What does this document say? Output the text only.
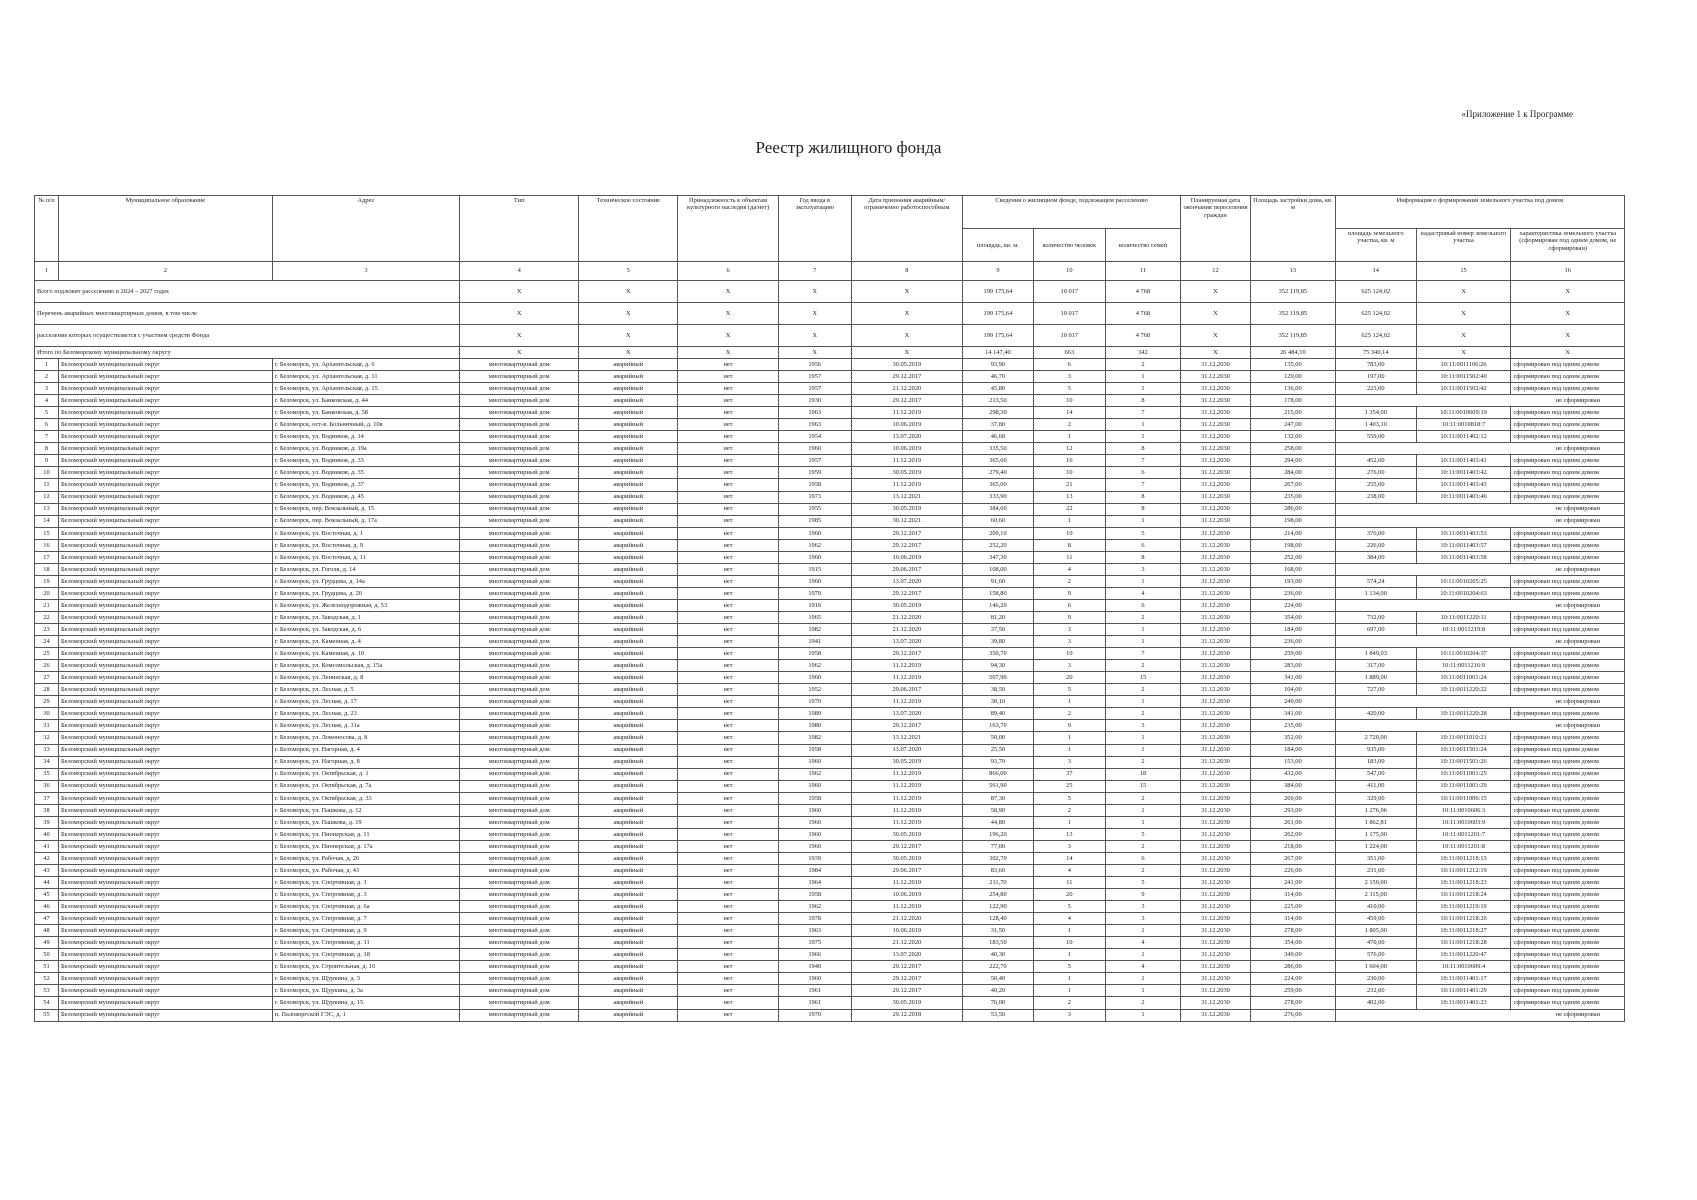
«Приложение 1 к Программе
Реестр жилищного фонда
№ п/п	Муниципальное образование	Адрес	Тип	Техническое состояние	Принадлежность к объектам культурного наследия (да/нет)	Год ввода в эксплуатацию	Дата признания аварийным/ограниченно работоспособным	Сведения о жилищном фонде, подлежащем расселению			Планируемая дата окончания переселения граждан	Площадь застройки дома, кв. м	Информация о формировании земельного участка под домом		
								площадь, кв. м.	количество человек	количество семей			площадь земельного участка, кв. м	кадастровый номер земельного участка	характеристика земельного участка (сформирован под одним домом, не сформирован)
1	2	3	4	5	6	7	8	9	10	11	12	13	14	15	16
Всего подлежит расселению в 2024 – 2027 годах			Х	Х	Х	Х	Х	199 175,64	10 017	4 768	Х	352 119,85	625 124,02	Х	Х
Перечень аварийных многоквартирных домов, в том числе			Х	Х	Х	Х	Х	199 175,64	10 017	4 768	Х	352 119,85	625 124,02	Х	Х
расселение которых осуществляется с участием средств Фонда			Х	Х	Х	Х	Х	199 175,64	10 017	4 768	Х	352 119,85	625 124,02	Х	Х
Итого по Беломорскому муниципальному округу			Х	Х	Х	Х	Х	14 147,40	663	342	Х	26 484,10	75 340,14	Х	Х
1	Беломорский муниципальный округ	г. Беломорск, ул. Архангельская, д. 6	многоквартирный дом	аварийный	нет	1956	30.05.2019	93,90	6	2	31.12.2030	135,00	783,00	10:11:0011106:26	сформирован под одним домом
2	Беломорский муниципальный округ	г. Беломорск, ул. Архангельская, д. 11	многоквартирный дом	аварийный	нет	1957	29.12.2017	46,70	3	1	31.12.2030	129,00	197,00	10:11:0011502:40	сформирован под одним домом
3	Беломорский муниципальный округ	г. Беломорск, ул. Архангельская, д. 15	многоквартирный дом	аварийный	нет	1957	21.12.2020	45,80	5	1	31.12.2030	136,00	223,00	10:11:0011502:42	сформирован под одним домом
4	Беломорский муниципальный округ	г. Беломорск, ул. Банковская, д. 44	многоквартирный дом	аварийный	нет	1930	29.12.2017	213,50	10	8	31.12.2030	178,00	не сформирован		
5	Беломорский муниципальный округ	г. Беломорск, ул. Банковская, д. 58	многоквартирный дом	аварийный	нет	1963	11.12.2019	298,30	14	7	31.12.2030	215,00	1 354,00	10:11:0010609:19	сформирован под одним домом
6	Беломорский муниципальный округ	г. Беломорск, ост-в. Больничный, д. 10в	многоквартирный дом	аварийный	нет	1963	10.06.2019	37,80	2	1	31.12.2030	247,00	1 403,10	10:11:0010818:7	сформирован под одним домом
7	Беломорский муниципальный округ	г. Беломорск, ул. Водников, д. 14	многоквартирный дом	аварийный	нет	1954	13.07.2020	46,60	1	1	31.12.2030	132,00	559,00	10:11:0011402:12	сформирован под одним домом
8	Беломорский муниципальный округ	г. Беломорск, ул. Водников, д. 19а	многоквартирный дом	аварийный	нет	1960	10.06.2019	335,50	12	8	31.12.2030	258,00	не сформирован		
9	Беломорский муниципальный округ	г. Беломорск, ул. Водников, д. 33	многоквартирный дом	аварийный	нет	1957	11.12.2019	365,60	16	7	31.12.2030	294,00	452,00	10:11:0011403:41	сформирован под одним домом
10	Беломорский муниципальный округ	г. Беломорск, ул. Водников, д. 35	многоквартирный дом	аварийный	нет	1959	30.05.2019	279,40	10	6	31.12.2030	284,00	276,00	10:11:0011403:42	сформирован под одним домом
11	Беломорский муниципальный округ	г. Беломорск, ул. Водников, д. 37	многоквартирный дом	аварийный	нет	1958	11.12.2019	365,00	21	7	31.12.2030	267,00	255,00	10:11:0011403:43	сформирован под одним домом
12	Беломорский муниципальный округ	г. Беломорск, ул. Водников, д. 45	многоквартирный дом	аварийный	нет	1973	13.12.2021	333,90	13	8	31.12.2030	235,00	238,00	10:11:0011403:46	сформирован под одним домом
13	Беломорский муниципальный округ	г. Беломорск, пер. Вокзальный, д. 15	многоквартирный дом	аварийный	нет	1955	30.05.2019	384,60	22	8	31.12.2030	286,00	не сформирован		
14	Беломорский муниципальный округ	г. Беломорск, пер. Вокзальный, д. 17а	многоквартирный дом	аварийный	нет	1985	30.12.2021	60,60	1	1	31.12.2030	198,00	не сформирован		
15	Беломорский муниципальный округ	г. Беломорск, ул. Восточная, д. 1	многоквартирный дом	аварийный	нет	1960	29.12.2017	209,10	10	5	31.12.2030	214,00	376,00	10:11:0011403:53	сформирован под одним домом
16	Беломорский муниципальный округ	г. Беломорск, ул. Восточная, д. 9	многоквартирный дом	аварийный	нет	1962	29.12.2017	252,20	8	6	31.12.2030	198,00	226,00	10:11:0011403:57	сформирован под одним домом
17	Беломорский муниципальный округ	г. Беломорск, ул. Восточная, д. 11	многоквартирный дом	аварийный	нет	1960	10.06.2019	347,30	11	8	31.12.2030	252,00	384,00	10:11:0011403:58	сформирован под одним домом
18	Беломорский муниципальный округ	г. Беломорск, ул. Гоголя, д. 14	многоквартирный дом	аварийный	нет	1915	29.06.2017	108,00	4	3	31.12.2030	168,00	не сформирован		
19	Беломорский муниципальный округ	г. Беломорск, ул. Грудцева, д. 14а	многоквартирный дом	аварийный	нет	1960	13.07.2020	91,60	2	1	31.12.2030	193,00	574,24	10:11:0010205:25	сформирован под одним домом
20	Беломорский муниципальный округ	г. Беломорск, ул. Грудцева, д. 20	многоквартирный дом	аварийный	нет	1970	29.12.2017	158,80	9	4	31.12.2030	236,00	1 134,00	10:11:0010204:63	сформирован под одним домом
21	Беломорский муниципальный округ	г. Беломорск, ул. Железнодорожная, д. 53	многоквартирный дом	аварийный	нет	1916	30.05.2019	146,20	6	6	31.12.2030	224,00	не сформирован		
22	Беломорский муниципальный округ	г. Беломорск, ул. Заводская, д. 1	многоквартирный дом	аварийный	нет	1965	21.12.2020	81,20	9	2	31.12.2030	354,00	732,00	10:11:0011220:11	сформирован под одним домом
23	Беломорский муниципальный округ	г. Беломорск, ул. Заводская, д. 6	многоквартирный дом	аварийный	нет	1982	21.12.2020	37,50	3	1	31.12.2030	184,00	697,00	10:11:0011219:8	сформирован под одним домом
24	Беломорский муниципальный округ	г. Беломорск, ул. Каменная, д. 4	многоквартирный дом	аварийный	нет	1941	13.07.2020	39,80	3	1	31.12.2030	236,00	не сформирован		
25	Беломорский муниципальный округ	г. Беломорск, ул. Каменная, д. 10	многоквартирный дом	аварийный	нет	1958	29.12.2017	350,70	10	7	31.12.2030	259,00	1 849,03	10:11:0010204:37	сформирован под одним домом
26	Беломорский муниципальный округ	г. Беломорск, ул. Комсомольская, д. 15а	многоквартирный дом	аварийный	нет	1962	11.12.2019	94,30	3	2	31.12.2030	283,00	317,00	10:11:0011216:9	сформирован под одним домом
27	Беломорский муниципальный округ	г. Беломорск, ул. Ленинская, д. 8	многоквартирный дом	аварийный	нет	1960	11.12.2019	507,90	20	15	31.12.2030	341,00	1 889,00	10:11:0011001:24	сформирован под одним домом
28	Беломорский муниципальный округ	г. Беломорск, ул. Лесная, д. 5	многоквартирный дом	аварийный	нет	1952	29.06.2017	38,50	5	2	31.12.2030	104,00	727,00	10:11:0011220:22	сформирован под одним домом
29	Беломорский муниципальный округ	г. Беломорск, ул. Лесная, д. 17	многоквартирный дом	аварийный	нет	1970	11.12.2019	38,10	1	1	31.12.2030	249,00	не сформирован		
30	Беломорский муниципальный округ	г. Беломорск, ул. Лесная, д. 23	многоквартирный дом	аварийный	нет	1989	13.07.2020	89,40	2	2	31.12.2030	341,00	420,00	10:11:0011220:28	сформирован под одним домом
31	Беломорский муниципальный округ	г. Беломорск, ул. Лесная, д. 31а	многоквартирный дом	аварийный	нет	1980	29.12.2017	163,70	9	3	31.12.2030	235,00	не сформирован		
32	Беломорский муниципальный округ	г. Беломорск, ул. Ломоносова, д. 8	многоквартирный дом	аварийный	нет	1982	13.12.2021	50,00	1	1	31.12.2030	352,00	2 720,00	10:11:0011010:21	сформирован под одним домом
33	Беломорский муниципальный округ	г. Беломорск, ул. Нагорная, д. 4	многоквартирный дом	аварийный	нет	1958	13.07.2020	25,50	1	1	31.12.2030	184,00	935,00	10:11:0011501:24	сформирован под одним домом
34	Беломорский муниципальный округ	г. Беломорск, ул. Нагорная, д. 8	многоквартирный дом	аварийный	нет	1960	30.05.2019	93,70	3	2	31.12.2030	153,00	183,00	10:11:0011501:26	сформирован под одним домом
35	Беломорский муниципальный округ	г. Беломорск, ул. Октябрьская, д. 1	многоквартирный дом	аварийный	нет	1962	11.12.2019	866,00	37	18	31.12.2030	432,00	547,00	10:11:0011001:25	сформирован под одним домом
36	Беломорский муниципальный округ	г. Беломорск, ул. Октябрьская, д. 7а	многоквартирный дом	аварийный	нет	1960	11.12.2019	561,90	25	15	31.12.2030	384,00	411,00	10:11:0011001:29	сформирован под одним домом
37	Беломорский муниципальный округ	г. Беломорск, ул. Октябрьская, д. 33	многоквартирный дом	аварийный	нет	1958	11.12.2019	87,30	5	2	31.12.2030	269,00	329,00	10:11:0011006:15	сформирован под одним домом
38	Беломорский муниципальный округ	г. Беломорск, ул. Пашкова, д. 12	многоквартирный дом	аварийный	нет	1960	11.12.2019	58,90	2	1	31.12.2030	293,00	1 276,96	10:11:0010606:3	сформирован под одним домом
39	Беломорский муниципальный округ	г. Беломорск, ул. Пашкова, д. 19	многоквартирный дом	аварийный	нет	1960	11.12.2019	44,80	1	1	31.12.2030	261,00	1 862,81	10:11:0010603:9	сформирован под одним домом
40	Беломорский муниципальный округ	г. Беломорск, ул. Пионерская, д. 11	многоквартирный дом	аварийный	нет	1960	30.05.2019	196,20	13	5	31.12.2030	262,00	1 175,00	10:11:0011201:7	сформирован под одним домом
41	Беломорский муниципальный округ	г. Беломорск, ул. Пионерская, д. 17а	многоквартирный дом	аварийный	нет	1960	29.12.2017	77,00	3	2	31.12.2030	218,00	1 224,00	10:11:0011201:8	сформирован под одним домом
42	Беломорский муниципальный округ	г. Беломорск, ул. Рабочая, д. 26	многоквартирный дом	аварийный	нет	1939	30.05.2019	302,70	14	6	31.12.2030	267,00	351,00	10:11:0011218:13	сформирован под одним домом
43	Беломорский муниципальный округ	г. Беломорск, ул. Рабочая, д. 43	многоквартирный дом	аварийный	нет	1984	29.06.2017	83,60	4	2	31.12.2030	226,00	231,00	10:11:0011212:19	сформирован под одним домом
44	Беломорский муниципальный округ	г. Беломорск, ул. Спортивная, д. 1	многоквартирный дом	аварийный	нет	1964	11.12.2019	211,70	11	5	31.12.2030	241,00	2 150,00	10:11:0011218:23	сформирован под одним домом
45	Беломорский муниципальный округ	г. Беломорск, ул. Спортивная, д. 3	многоквартирный дом	аварийный	нет	1958	10.06.2019	254,80	20	9	31.12.2030	314,00	2 115,00	10:11:0011218:24	сформирован под одним домом
46	Беломорский муниципальный округ	г. Беломорск, ул. Спортивная, д. 6а	многоквартирный дом	аварийный	нет	1962	11.12.2019	122,90	5	3	31.12.2030	225,00	410,00	10:11:0011219:19	сформирован под одним домом
47	Беломорский муниципальный округ	г. Беломорск, ул. Спортивная, д. 7	многоквартирный дом	аварийный	нет	1978	21.12.2020	128,40	4	3	31.12.2030	314,00	459,00	10:11:0011218:26	сформирован под одним домом
48	Беломорский муниципальный округ	г. Беломорск, ул. Спортивная, д. 9	многоквартирный дом	аварийный	нет	1963	10.06.2019	31,50	1	1	31.12.2030	278,00	1 805,00	10:11:0011218:27	сформирован под одним домом
49	Беломорский муниципальный округ	г. Беломорск, ул. Спортивная, д. 11	многоквартирный дом	аварийный	нет	1975	21.12.2020	183,50	10	4	31.12.2030	354,00	470,00	10:11:0011218:28	сформирован под одним домом
50	Беломорский муниципальный округ	г. Беломорск, ул. Спортивная, д. 18	многоквартирный дом	аварийный	нет	1966	13.07.2020	40,30	1	1	31.12.2030	349,00	576,00	10:11:0011220:47	сформирован под одним домом
51	Беломорский муниципальный округ	г. Беломорск, ул. Строительная, д. 10	многоквартирный дом	аварийный	нет	1940	29.12.2017	222,70	5	4	31.12.2030	286,00	1 604,00	10:11:0010609:4	сформирован под одним домом
52	Беломорский муниципальный округ	г. Беломорск, ул. Щуркина, д. 3	многоквартирный дом	аварийный	нет	1960	29.12.2017	50,40	1	1	31.12.2030	224,00	230,00	10:11:0011401:17	сформирован под одним домом
53	Беломорский муниципальный округ	г. Беломорск, ул. Щуркина, д. 3а	многоквартирный дом	аварийный	нет	1961	29.12.2017	40,20	1	1	31.12.2030	259,00	232,00	10:11:0011401:29	сформирован под одним домом
54	Беломорский муниципальный округ	г. Беломорск, ул. Щуркина, д. 15	многоквартирный дом	аварийный	нет	1961	30.05.2019	76,00	2	2	31.12.2030	278,00	402,00	10:11:0011401:23	сформирован под одним домом
55	Беломорский муниципальный округ	п. Палокоргской ГЭС, д. 1	многоквартирный дом	аварийный	нет	1970	29.12.2018	53,50	3	1	31.12.2030	276,00	не сформирован		
